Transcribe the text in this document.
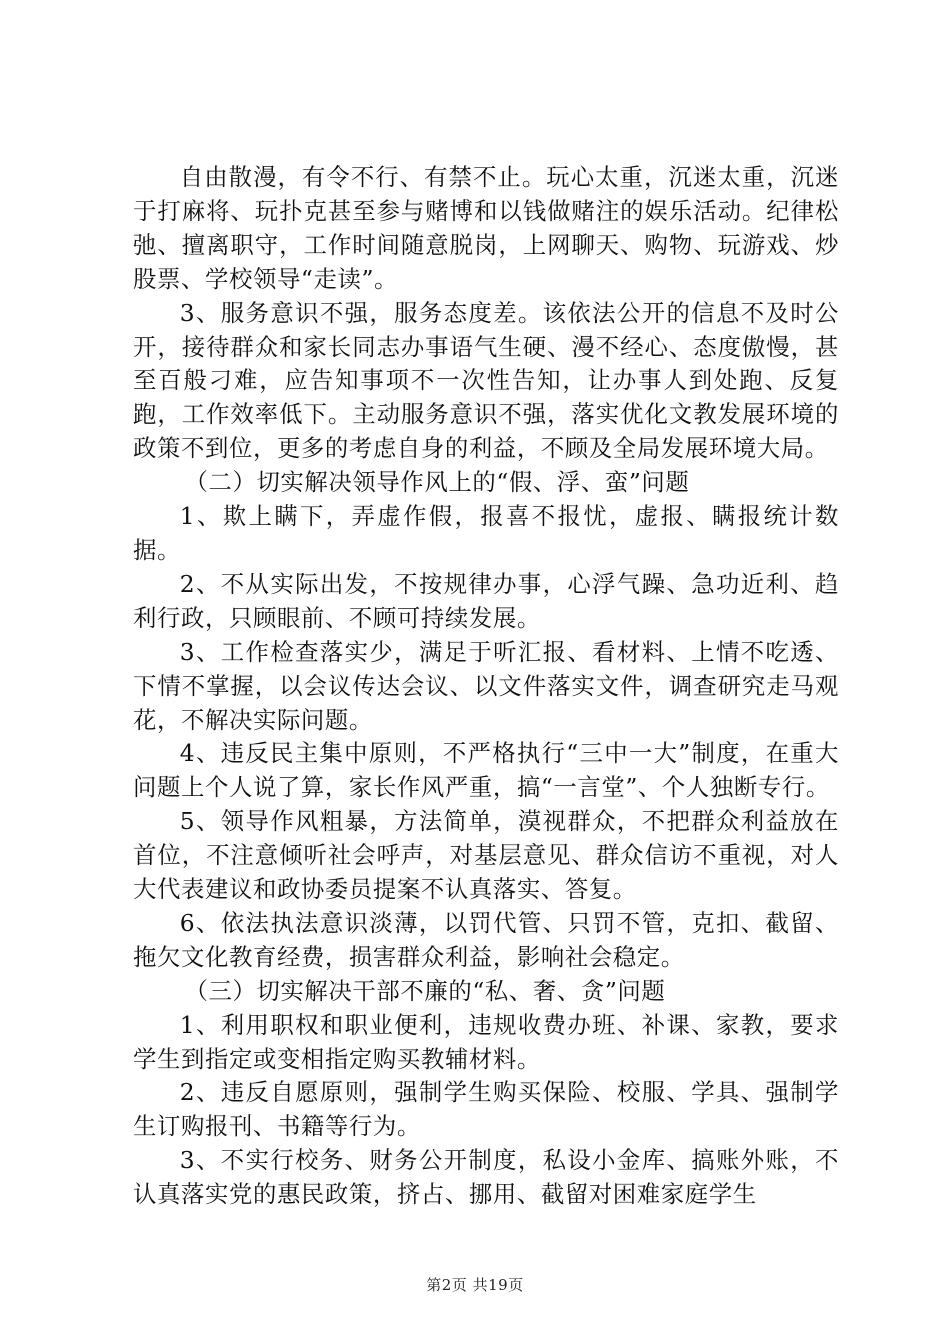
自由散漫，有令不行、有禁不止。玩心太重，沉迷太重，沉迷于打麻将、玩扑克甚至参与赌博和以钱做赌注的娱乐活动。纪律松弛、擅离职守，工作时间随意脱岗，上网聊天、购物、玩游戏、炒股票、学校领导“走读”。

3、服务意识不强，服务态度差。该依法公开的信息不及时公开，接待群众和家长同志办事语气生硬、漫不经心、态度傲慢，甚至百般刁难，应告知事项不一次性告知，让办事人到处跑、反复跑，工作效率低下。主动服务意识不强，落实优化文教发展环境的政策不到位，更多的考虑自身的利益，不顾及全局发展环境大局。

（二）切实解决领导作风上的“假、浮、蛮”问题

1、欺上瞒下，弄虚作假，报喜不报忧，虚报、瞒报统计数据。

2、不从实际出发，不按规律办事，心浮气躁、急功近利、趋利行政，只顾眼前、不顾可持续发展。

3、工作检查落实少，满足于听汇报、看材料、上情不吃透、下情不掌握，以会议传达会议、以文件落实文件，调查研究走马观花，不解决实际问题。

4、违反民主集中原则，不严格执行“三中一大”制度，在重大问题上个人说了算，家长作风严重，搞“一言堂”、个人独断专行。

5、领导作风粗暴，方法简单，漠视群众，不把群众利益放在首位，不注意倾听社会呼声，对基层意见、群众信访不重视，对人大代表建议和政协委员提案不认真落实、答复。

6、依法执法意识淡薄，以罚代管、只罚不管，克扣、截留、拖欠文化教育经费，损害群众利益，影响社会稳定。

（三）切实解决干部不廉的“私、奢、贪”问题

1、利用职权和职业便利，违规收费办班、补课、家教，要求学生到指定或变相指定购买教辅材料。

2、违反自愿原则，强制学生购买保险、校服、学具、强制学生订购报刊、书籍等行为。

3、不实行校务、财务公开制度，私设小金库、搞账外账，不认真落实党的惠民政策，挤占、挪用、截留对困难家庭学生

第2页 共19页
